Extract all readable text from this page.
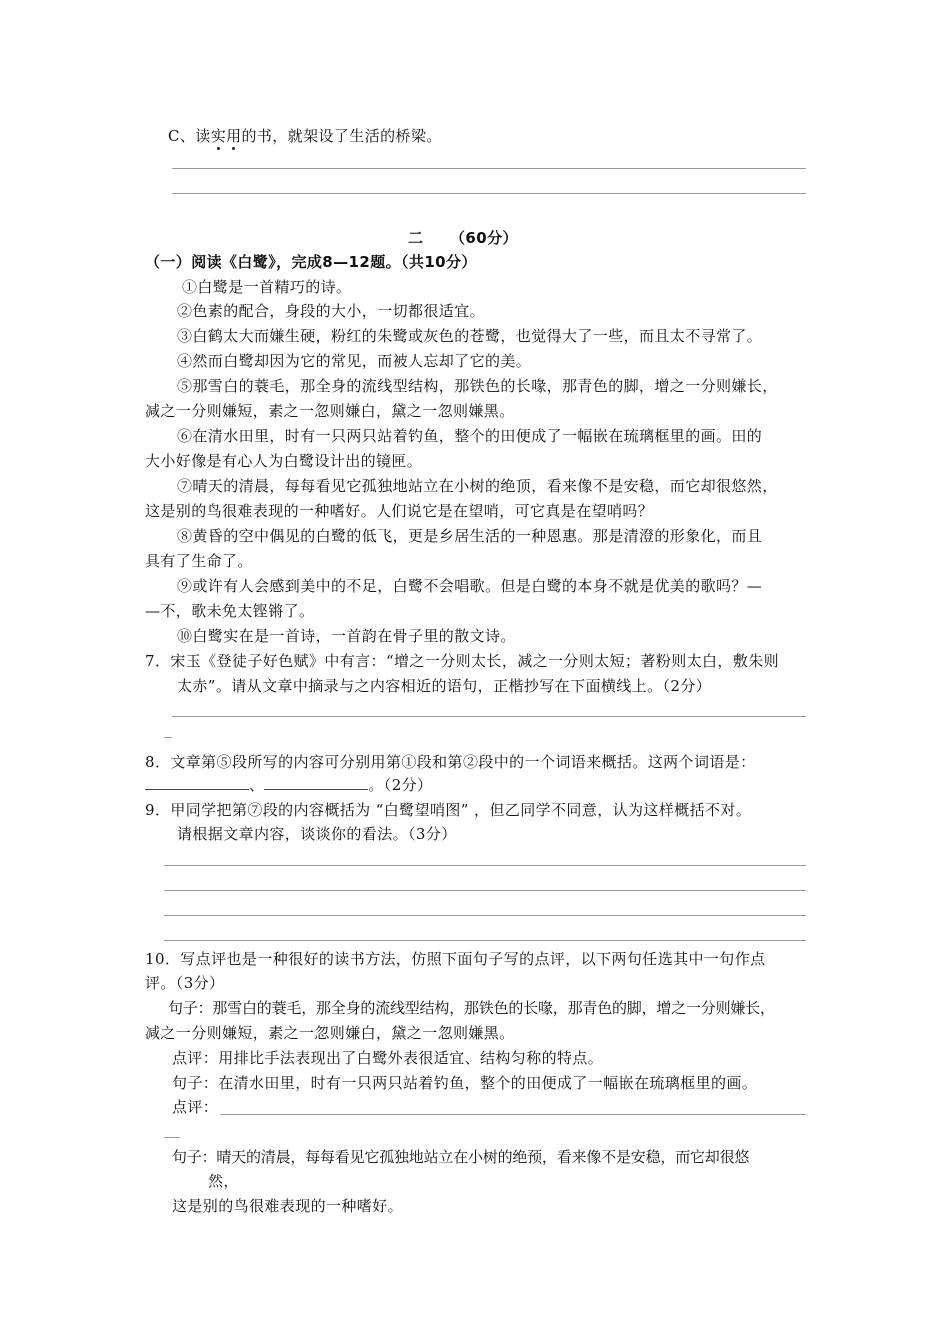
C、读实用
的书，就架设了生活的桥梁。
二 （60分）
（一）阅读《白鹭》，完成8—12题。（共10分）
①白鹭是一首精巧的诗。
②色素的配合，身段的大小，一切都很适宜。
③白鹤太大而嫌生硬，粉红的朱鹭或灰色的苍鹭，也觉得大了一些，而且太不寻常了。
④然而白鹭却因为它的常见，而被人忘却了它的美。
⑤那雪白的蓑毛，那全身的流线型结构，那铁色的长喙，那青色的脚，增之一分则嫌长，
减之一分则嫌短，素之一忽则嫌白，黛之一忽则嫌黑。
⑥在清水田里，时有一只两只站着钓鱼，整个的田便成了一幅嵌在琉璃框里的画。田的
大小好像是有心人为白鹭设计出的镜匣。
⑦晴天的清晨，每每看见它孤独地站立在小树的绝顶，看来像不是安稳，而它却很悠然，
这是别的鸟很难表现的一种嗜好。人们说它是在望哨，可它真是在望哨吗？
⑧黄昏的空中偶见的白鹭的低飞，更是乡居生活的一种恩惠。那是清澄的形象化，而且
具有了生命了。
⑨或许有人会感到美中的不足，白鹭不会唱歌。但是白鹭的本身不就是优美的歌吗？—
—不，歌未免太铿锵了。
⑩白鹭实在是一首诗，一首韵在骨子里的散文诗。
7．宋玉《登徒子好色赋》中有言：“增之一分则太长，减之一分则太短；著粉则太白，敷朱则
太赤”。请从文章中摘录与之内容相近的语句，正楷抄写在下面横线上。（2分）
8．文章第⑤段所写的内容可分别用第①段和第②段中的一个词语来概括。这两个词语是：
、	。（2分）
9．甲同学把第⑦段的内容概括为 “白鹭望哨图” ，但乙同学不同意，认为这样概括不对。
请根据文章内容，谈谈你的看法。（3分）
10．写点评也是一种很好的读书方法，仿照下面句子写的点评，以下两句任选其中一句作点
评。（3分）
句子：那雪白的蓑毛，那全身的流线型结构，那铁色的长喙，那青色的脚，增之一分则嫌长，
减之一分则嫌短，素之一忽则嫌白，黛之一忽则嫌黑。
点评：用排比手法表现出了白鹭外表很适宜、结构匀称的特点。
句子：在清水田里，时有一只两只站着钓鱼，整个的田便成了一幅嵌在琉璃框里的画。
点评：
句子：晴天的清晨，每每看见它孤独地站立在小树的绝预，看来像不是安稳，而它却很悠
然，
这是别的鸟很难表现的一种嗜好。
